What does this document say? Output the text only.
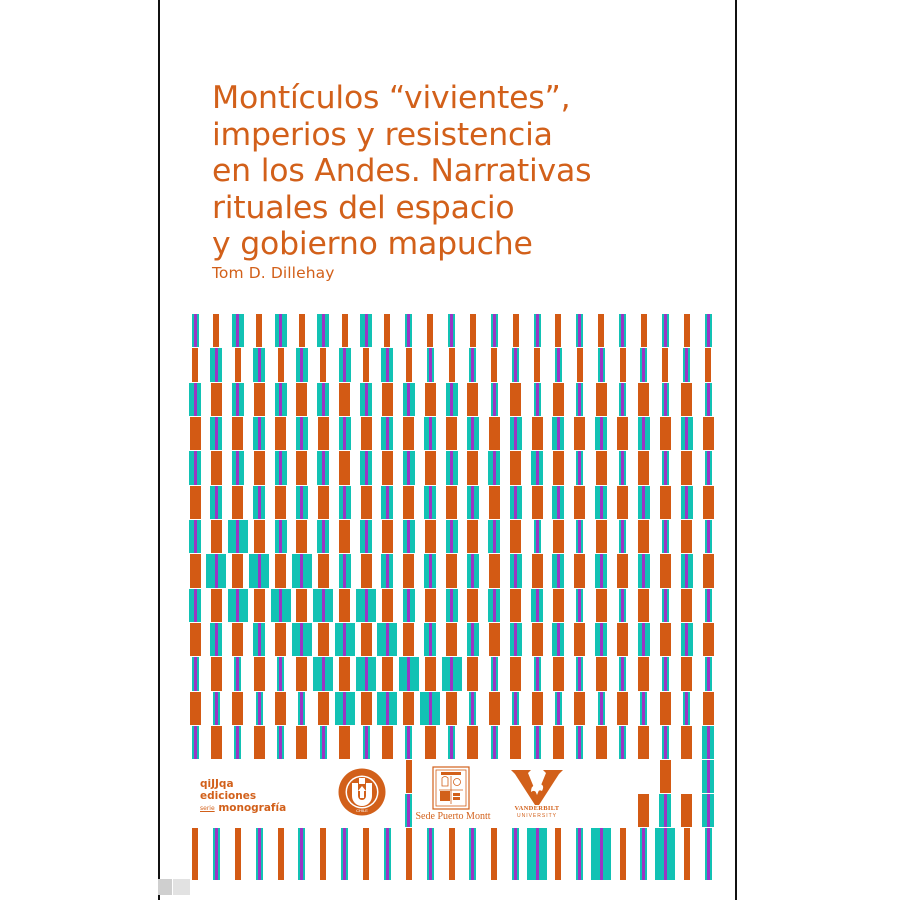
Montículos “vivientes”,
imperios y resistencia
en los Andes. Narrativas
rituales del espacio
y gobierno mapuche
Tom D. Dillehay
qiJJqa
ediciones
serie monografía	CHILE
Sede Puerto Montt
VANDERBILT
UNIVERSITY
